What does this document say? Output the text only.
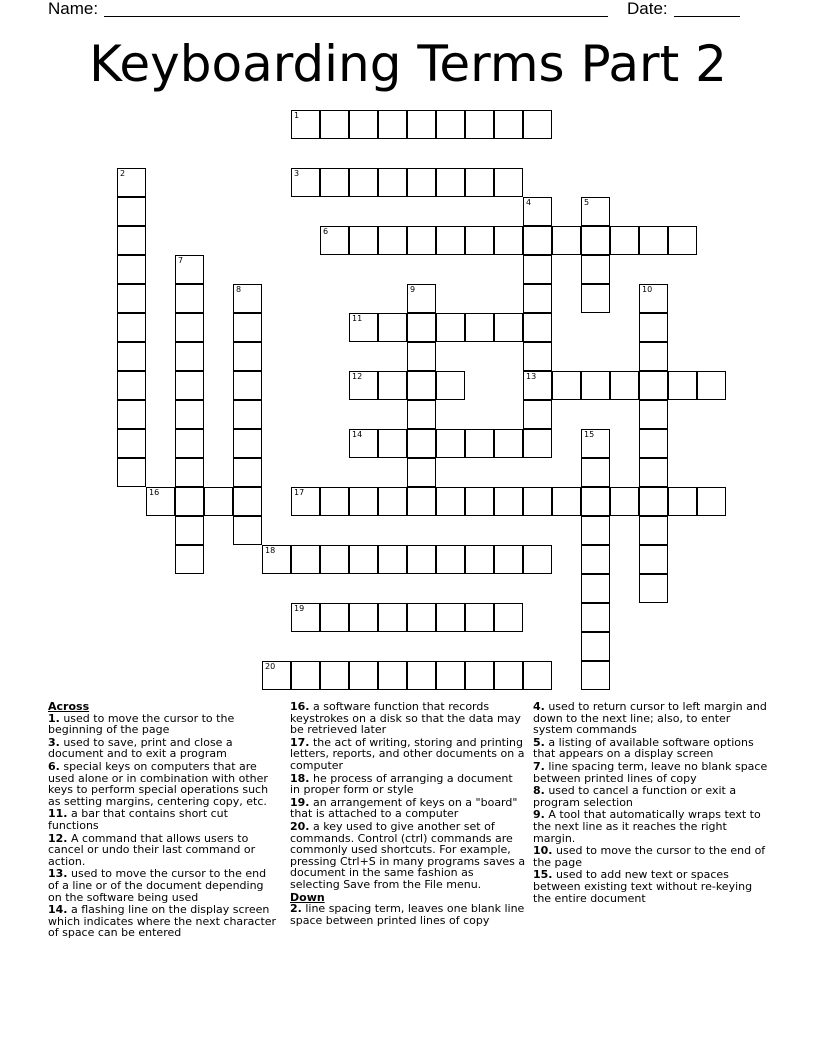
Name:	Date:
Keyboarding Terms Part 2
1
2	3
4
13
5
6
7
8	9	10
11
12
14	15
16	17
18
19
20
Across
1. used to move the cursor to the beginning of the page
3. used to save, print and close a document and to exit a program
6. special keys on computers that are used alone or in combination with other keys to perform special operations such as setting margins, centering copy, etc.
11. a bar that contains short cut functions
12. A command that allows users to cancel or undo their last command or action.
13. used to move the cursor to the end of a line or of the document depending on the software being used
14. a flashing line on the display screen which indicates where the next character of space can be entered
16. a software function that records keystrokes on a disk so that the data may be retrieved later
17. the act of writing, storing and printing letters, reports, and other documents on a computer
18. he process of arranging a document in proper form or style
19. an arrangement of keys on a "board" that is attached to a computer
20. a key used to give another set of commands. Control (ctrl) commands are commonly used shortcuts. For example, pressing Ctrl+S in many programs saves a document in the same fashion as selecting Save from the File menu.
Down
2. line spacing term, leaves one blank line space between printed lines of copy
4. used to return cursor to left margin and down to the next line; also, to enter system commands
5. a listing of available software options that appears on a display screen
7. line spacing term, leave no blank space between printed lines of copy
8. used to cancel a function or exit a program selection
9. A tool that automatically wraps text to the next line as it reaches the right margin.
10. used to move the cursor to the end of the page
15. used to add new text or spaces between existing text without re-keying the entire document
